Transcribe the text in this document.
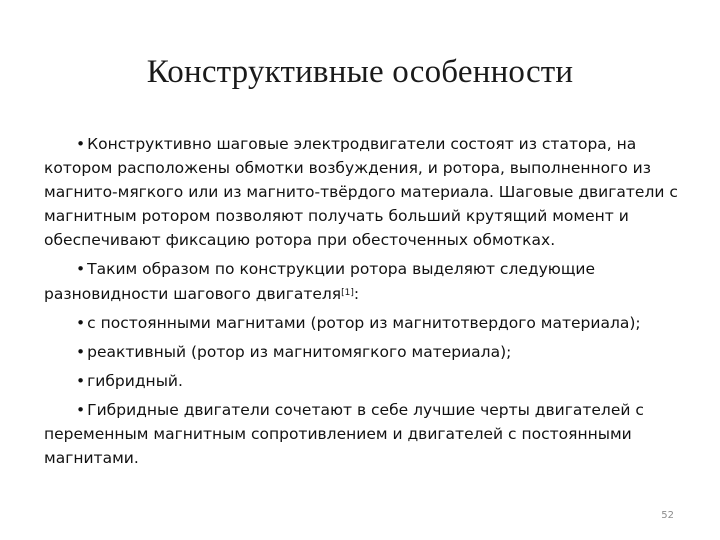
Конструктивные особенности

• Конструктивно шаговые электродвигатели состоят из статора, на котором расположены обмотки возбуждения, и ротора, выполненного из магнито-мягкого или из магнито-твёрдого материала. Шаговые двигатели с магнитным ротором позволяют получать больший крутящий момент и обеспечивают фиксацию ротора при обесточенных обмотках.

• Таким образом по конструкции ротора выделяют следующие разновидности шагового двигателя[1]:

• с постоянными магнитами (ротор из магнитотвердого материала);

• реактивный (ротор из магнитомягкого материала);

• гибридный.

• Гибридные двигатели сочетают в себе лучшие черты двигателей с переменным магнитным сопротивлением и двигателей с постоянными магнитами.

52
